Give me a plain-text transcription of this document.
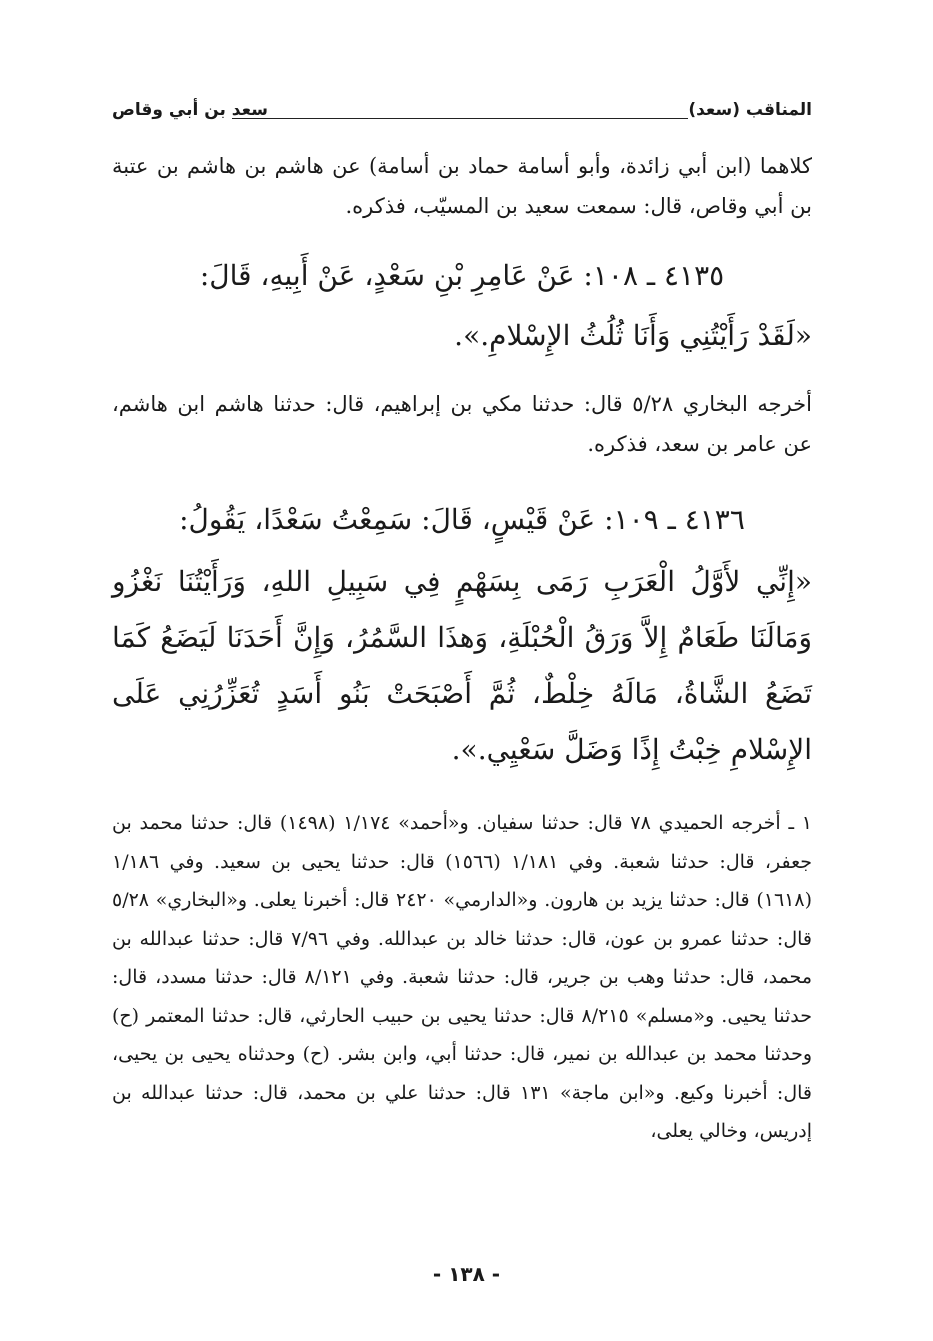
المناقب (سعد)
سعد بن أبي وقاص
كلاهما (ابن أبي زائدة، وأبو أسامة حماد بن أسامة) عن هاشم بن هاشم بن عتبة بن أبي وقاص، قال: سمعت سعيد بن المسيّب، فذكره.

٤١٣٥ ـ ١٠٨: عَنْ عَامِرِ بْنِ سَعْدٍ، عَنْ أَبِيهِ، قَالَ:

«لَقَدْ رَأَيْتُنِي وَأَنَا ثُلُثُ الإِسْلامِ.».

أخرجه البخاري ٥/٢٨ قال: حدثنا مكي بن إبراهيم، قال: حدثنا هاشم ابن هاشم، عن عامر بن سعد، فذكره.

٤١٣٦ ـ ١٠٩: عَنْ قَيْسٍ، قَالَ: سَمِعْتُ سَعْدًا، يَقُولُ:

«إِنِّي لأَوَّلُ الْعَرَبِ رَمَى بِسَهْمٍ فِي سَبِيلِ اللهِ، وَرَأَيْتُنَا نَغْزُو وَمَالَنَا طَعَامٌ إِلاَّ وَرَقُ الْحُبْلَةِ، وَهذَا السَّمُرُ، وَإِنَّ أَحَدَنَا لَيَضَعُ كَمَا تَضَعُ الشَّاةُ، مَالَهُ خِلْطٌ، ثُمَّ أَصْبَحَتْ بَنُو أَسَدٍ تُعَزِّرُنِي عَلَى الإِسْلامِ خِبْتُ إِذًا وَضَلَّ سَعْيِي.».
١ ـ أخرجه الحميدي ٧٨ قال: حدثنا سفيان. و«أحمد» ١/١٧٤ (١٤٩٨) قال: حدثنا محمد بن جعفر، قال: حدثنا شعبة. وفي ١/١٨١ (١٥٦٦) قال: حدثنا يحيى بن سعيد. وفي ١/١٨٦ (١٦١٨) قال: حدثنا يزيد بن هارون. و«الدارمي» ٢٤٢٠ قال: أخبرنا يعلى. و«البخاري» ٥/٢٨ قال: حدثنا عمرو بن عون، قال: حدثنا خالد بن عبدالله. وفي ٧/٩٦ قال: حدثنا عبدالله بن محمد، قال: حدثنا وهب بن جرير، قال: حدثنا شعبة. وفي ٨/١٢١ قال: حدثنا مسدد، قال: حدثنا يحيى. و«مسلم» ٨/٢١٥ قال: حدثنا يحيى بن حبيب الحارثي، قال: حدثنا المعتمر (ح) وحدثنا محمد بن عبدالله بن نمير، قال: حدثنا أبي، وابن بشر. (ح) وحدثناه يحيى بن يحيى، قال: أخبرنا وكيع. و«ابن ماجة» ١٣١ قال: حدثنا علي بن محمد، قال: حدثنا عبدالله بن إدريس، وخالي يعلى،
- ١٣٨ -
